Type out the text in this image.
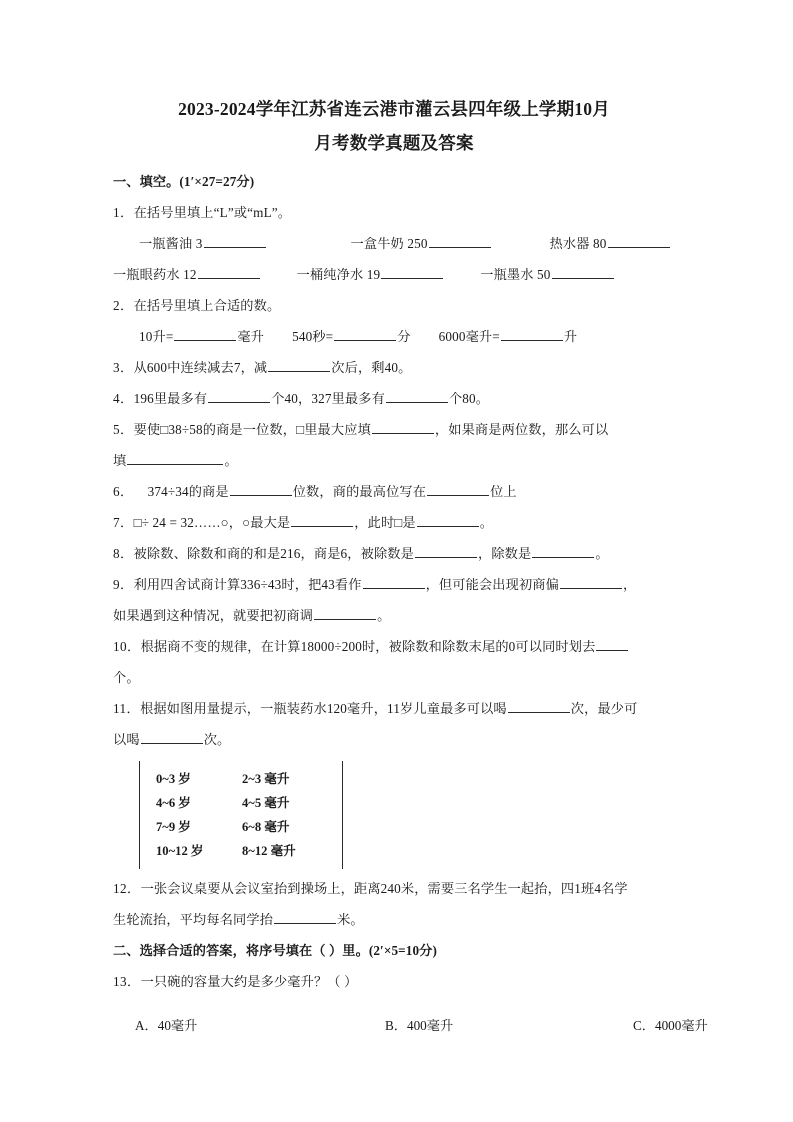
2023-2024学年江苏省连云港市灌云县四年级上学期10月
月考数学真题及答案

一、填空。(1′×27=27分)

1．在括号里填上“L”或“mL”。

一瓶酱油 3	一盒牛奶 250	热水器 80

一瓶眼药水 12	一桶纯净水 19	一瓶墨水 50

2．在括号里填上合适的数。

10升=	毫升 540秒=	分 6000毫升=	升

3．从600中连续减去7，减	次后，剩40。

4．196里最多有	个40，327里最多有	个80。

5．要使□38÷58的商是一位数，□里最大应填	，如果商是两位数，那么可以

填	。

6． 374÷34的商是	位数，商的最高位写在	位上

7．□÷ 24 = 32……○，○最大是	，此时□是	。

8．被除数、除数和商的和是216，商是6，被除数是	，除数是	。

9．利用四舍试商计算336÷43时，把43看作	，但可能会出现初商偏	，

如果遇到这种情况，就要把初商调	。

10．根据商不变的规律，在计算18000÷200时，被除数和除数末尾的0可以同时划去

个。

11．根据如图用量提示，一瓶装药水120毫升，11岁儿童最多可以喝	次，最少可

以喝	次。

0~3 岁	2~3 毫升
4~6 岁	4~5 毫升
7~9 岁	6~8 毫升
10~12 岁	8~12 毫升

12．一张会议桌要从会议室抬到操场上，距离240米，需要三名学生一起抬，四1班4名学

生轮流抬，平均每名同学抬	米。

二、选择合适的答案，将序号填在（ ）里。(2′×5=10分)

13．一只碗的容量大约是多少毫升？（ ）

A．40毫升	B．400毫升	C．4000毫升
